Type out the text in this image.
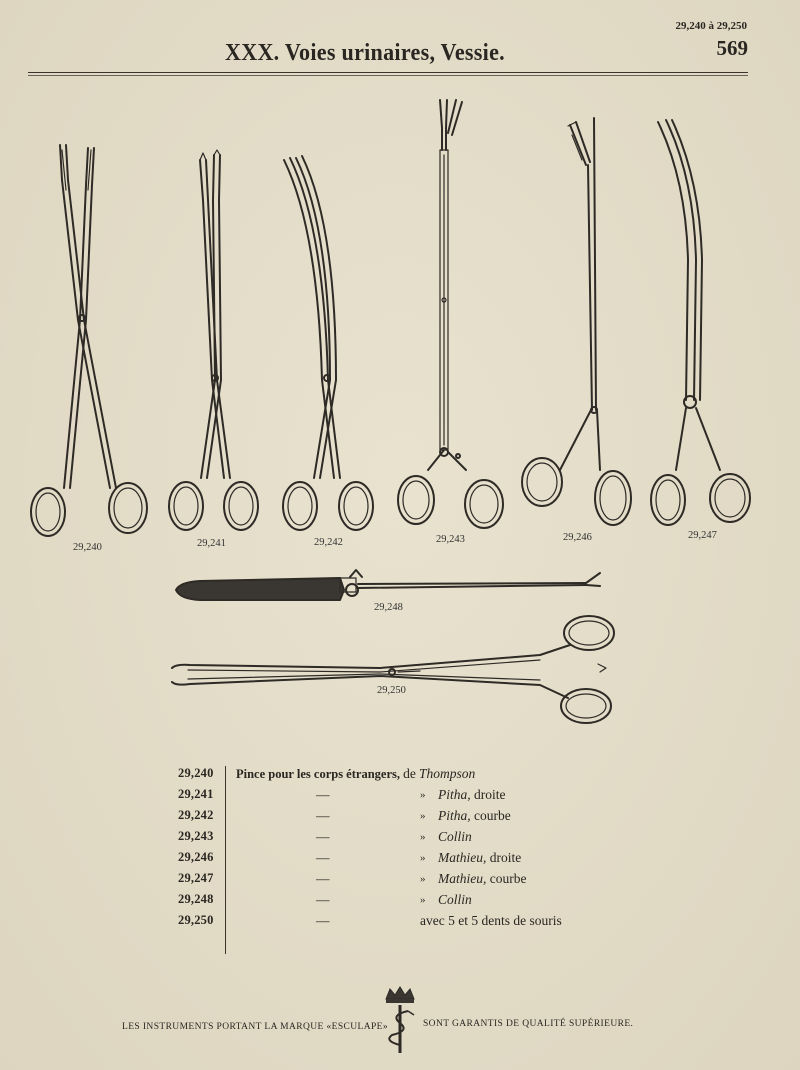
29,240 à 29,250
569
XXX. Voies urinaires, Vessie.
29,240	29,241	29,242	29,243	29,246	29,247
29,248
29,250
29,240 Pince pour les corps étrangers, de Thompson
29,241	—	» Pitha, droite
29,242	—	» Pitha, courbe
29,243	—	» Collin
29,246	—	» Mathieu, droite
29,247	—	» Mathieu, courbe
29,248	—	» Collin
29,250	—	avec 5 et 5 dents de souris
LES INSTRUMENTS PORTANT LA MARQUE «ESCULAPE»	SONT GARANTIS DE QUALITÉ SUPÉRIEURE.
